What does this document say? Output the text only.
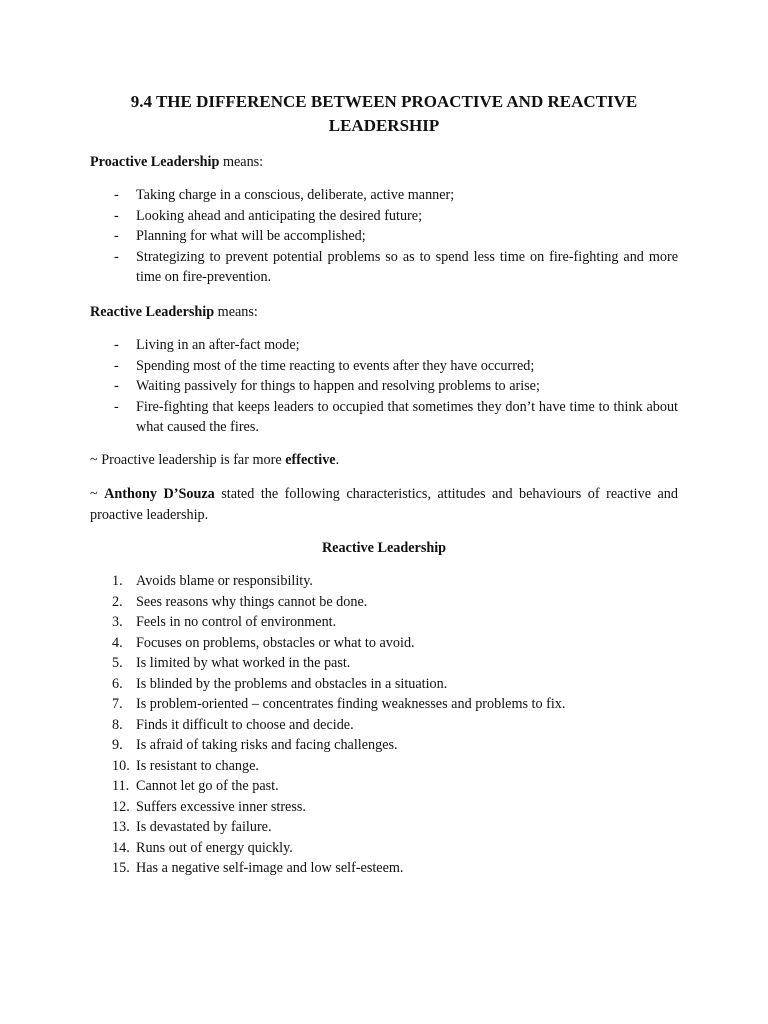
9.4 THE DIFFERENCE BETWEEN PROACTIVE AND REACTIVE
LEADERSHIP

Proactive Leadership means:

- Taking charge in a conscious, deliberate, active manner;
- Looking ahead and anticipating the desired future;
- Planning for what will be accomplished;
- Strategizing to prevent potential problems so as to spend less time on fire-fighting and more time on fire-prevention.

Reactive Leadership means:

- Living in an after-fact mode;
- Spending most of the time reacting to events after they have occurred;
- Waiting passively for things to happen and resolving problems to arise;
- Fire-fighting that keeps leaders to occupied that sometimes they don’t have time to think about what caused the fires.

~ Proactive leadership is far more effective.

~ Anthony D’Souza stated the following characteristics, attitudes and behaviours of reactive and proactive leadership.

Reactive Leadership

1. Avoids blame or responsibility.
2. Sees reasons why things cannot be done.
3. Feels in no control of environment.
4. Focuses on problems, obstacles or what to avoid.
5. Is limited by what worked in the past.
6. Is blinded by the problems and obstacles in a situation.
7. Is problem-oriented – concentrates finding weaknesses and problems to fix.
8. Finds it difficult to choose and decide.
9. Is afraid of taking risks and facing challenges.
10. Is resistant to change.
11. Cannot let go of the past.
12. Suffers excessive inner stress.
13. Is devastated by failure.
14. Runs out of energy quickly.
15. Has a negative self-image and low self-esteem.
